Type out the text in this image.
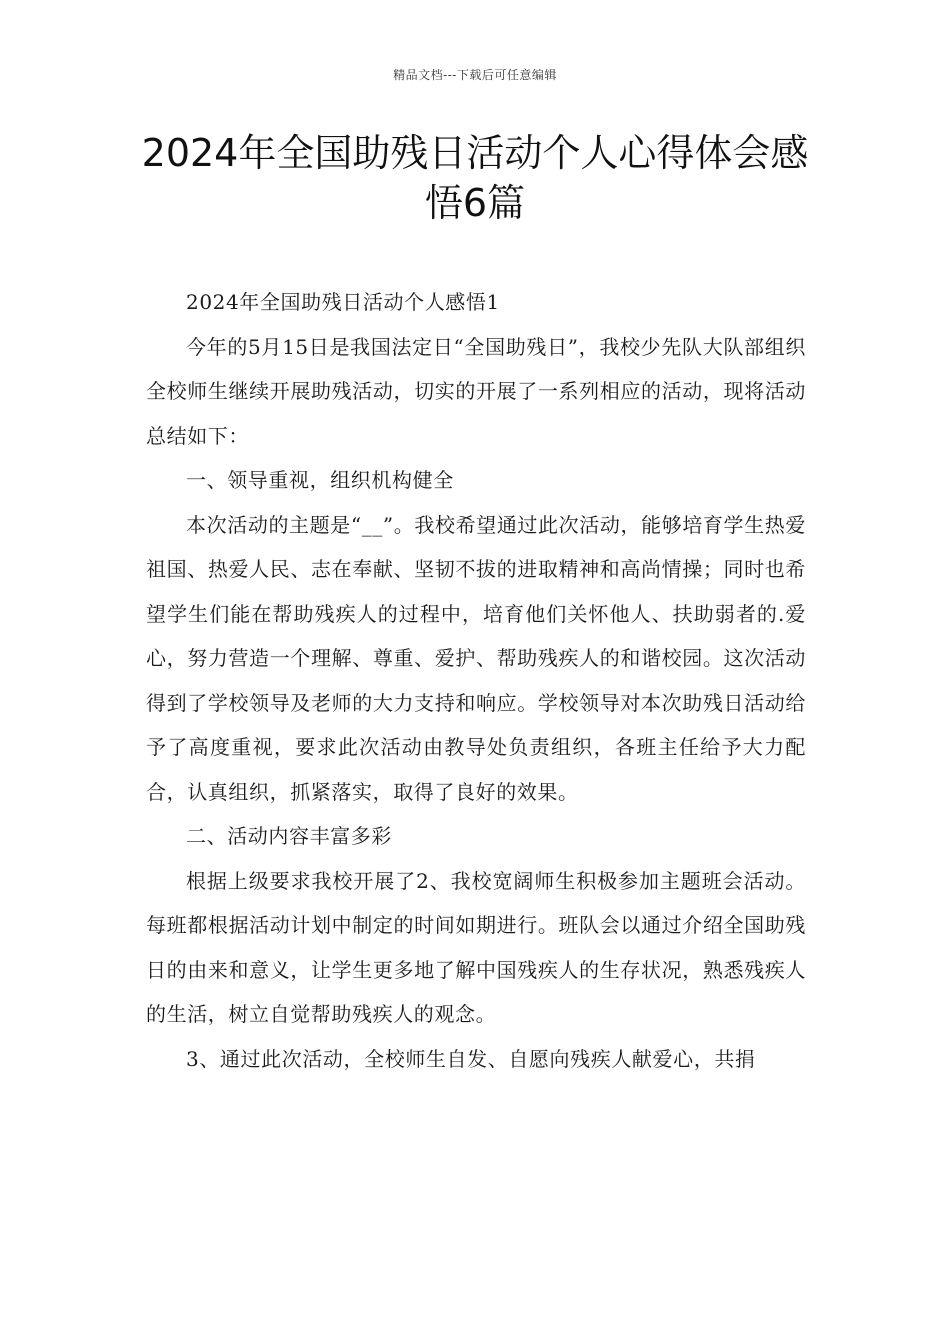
精品文档---下载后可任意编辑
2024年全国助残日活动个人心得体会感悟6篇

2024年全国助残日活动个人感悟1

今年的5月15日是我国法定日“全国助残日”，我校少先队大队部组织全校师生继续开展助残活动，切实的开展了一系列相应的活动，现将活动总结如下：

一、领导重视，组织机构健全

本次活动的主题是“__”。我校希望通过此次活动，能够培育学生热爱祖国、热爱人民、志在奉献、坚韧不拔的进取精神和高尚情操；同时也希望学生们能在帮助残疾人的过程中，培育他们关怀他人、扶助弱者的.爱心，努力营造一个理解、尊重、爱护、帮助残疾人的和谐校园。这次活动得到了学校领导及老师的大力支持和响应。学校领导对本次助残日活动给予了高度重视，要求此次活动由教导处负责组织，各班主任给予大力配合，认真组织，抓紧落实，取得了良好的效果。

二、活动内容丰富多彩

根据上级要求我校开展了2、我校宽阔师生积极参加主题班会活动。每班都根据活动计划中制定的时间如期进行。班队会以通过介绍全国助残日的由来和意义，让学生更多地了解中国残疾人的生存状况，熟悉残疾人的生活，树立自觉帮助残疾人的观念。

3、通过此次活动，全校师生自发、自愿向残疾人献爱心，共捐
